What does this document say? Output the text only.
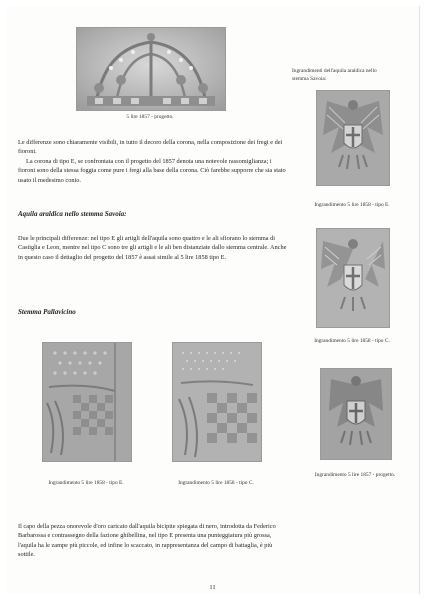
5 lire 1857 - progetto.
Ingrandimenti dell'aquila araldica nello
stemma Savoia:
Ingrandimento 5 lire 1858 - tipo E.
Ingrandimento 5 lire 1858 - tipo C.
Ingrandimento 5 lire 1857 - progetto.
Le differenze sono chiaramente visibili, in tutto il decoro della corona, nella composizione dei fregi e dei fioroni.
La corona di tipo E, se confrontata con il progetto del 1857 denota una notevole rassomiglianza; i fioroni sono della stessa foggia come pure i fregi alla base della corona. Ciò farebbe supporre che sia stato usato il medesimo conio.
Aquila araldica nello stemma Savoia:
Due le principali differenze: nel tipo E gli artigli dell'aquila sono quattro e le ali sfiorano lo stemma di Castiglia e Leon, mentre nel tipo C sono tre gli artigli e le ali ben distanziate dallo stemma centrale. Anche in questo caso il dettaglio del progetto del 1857 è assai simile al 5 lire 1858 tipo E.
Stemma Pallavicino
Ingrandimento 5 lire 1858 - tipo E.	Ingrandimento 5 lire 1858 - tipo C.
Il capo della pezza onorevole d'oro caricato dall'aquila bicipite spiegata di nero, introdotta da Federico Barbarossa e contrassegno della fazione ghibellina, nel tipo E presenta una punteggiatura più grossa, l'aquila ha le zampe più piccole, ed infine lo scaccato, in rappresentanza del campo di battaglia, è più sottile.
11
